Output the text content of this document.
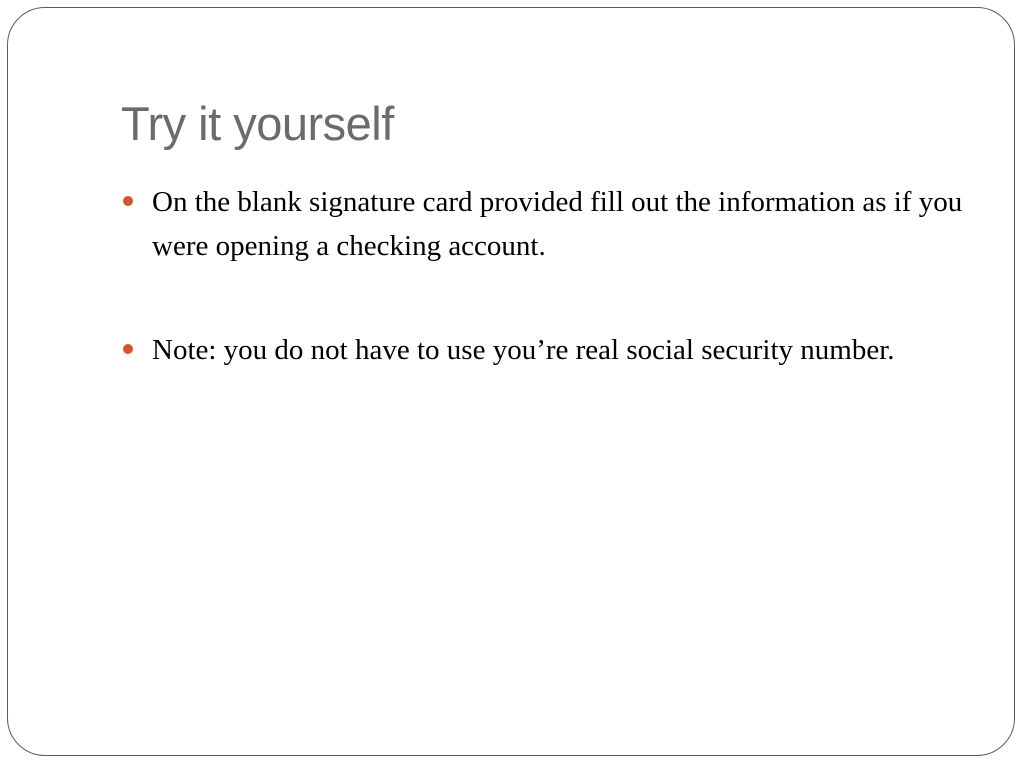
Try it yourself
On the blank signature card provided fill out the information as if you were opening a checking account.
Note: you do not have to use you’re real social security number.
